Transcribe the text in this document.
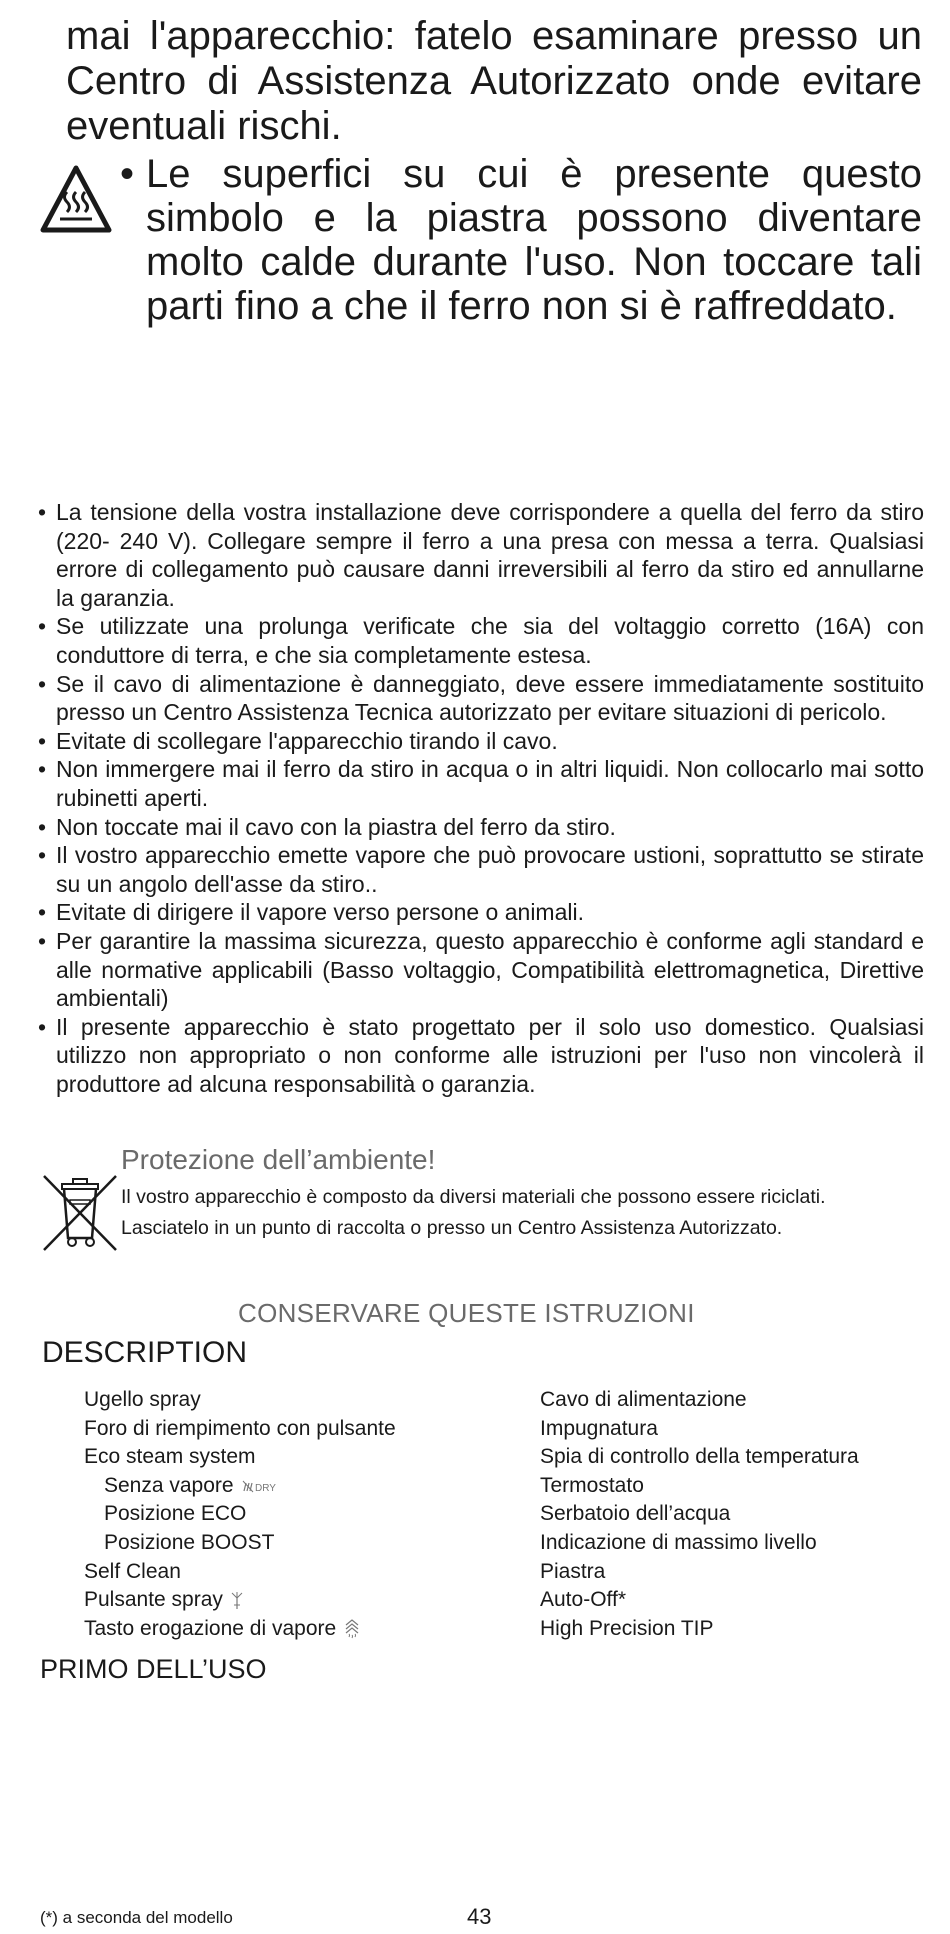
mai l'apparecchio: fatelo esaminare presso un Centro di Assistenza Autorizzato onde evitare eventuali rischi.
• Le superfici su cui è presente questo simbolo e la piastra possono diventare molto calde durante l'uso. Non toccare tali parti fino a che il ferro non si è raffreddato.
• La tensione della vostra installazione deve corrispondere a quella del ferro da stiro (220- 240 V). Collegare sempre il ferro a una presa con messa a terra. Qualsiasi errore di collegamento può causare danni irreversibili al ferro da stiro ed annullarne la garanzia.
• Se utilizzate una prolunga verificate che sia del voltaggio corretto (16A) con conduttore di terra, e che sia completamente estesa.
• Se il cavo di alimentazione è danneggiato, deve essere immediatamente sostituito presso un Centro Assistenza Tecnica autorizzato per evitare situazioni di pericolo.
• Evitate di scollegare l'apparecchio tirando il cavo.
• Non immergere mai il ferro da stiro in acqua o in altri liquidi. Non collocarlo mai sotto rubinetti aperti.
• Non toccate mai il cavo con la piastra del ferro da stiro.
• Il vostro apparecchio emette vapore che può provocare ustioni, soprattutto se stirate su un angolo dell'asse da stiro..
• Evitate di dirigere il vapore verso persone o animali.
• Per garantire la massima sicurezza, questo apparecchio è conforme agli standard e alle normative applicabili (Basso voltaggio, Compatibilità elettromagnetica, Direttive ambientali)
• Il presente apparecchio è stato progettato per il solo uso domestico. Qualsiasi utilizzo non appropriato o non conforme alle istruzioni per l'uso non vincolerà il produttore ad alcuna responsabilità o garanzia.
Protezione dell’ambiente!
Il vostro apparecchio è composto da diversi materiali che possono essere riciclati. Lasciatelo in un punto di raccolta o presso un Centro Assistenza Autorizzato.
CONSERVARE QUESTE ISTRUZIONI
DESCRIPTION
Ugello spray
Foro di riempimento con pulsante
Eco steam system
Senza vapore DRY
Posizione ECO
Posizione BOOST
Self Clean
Pulsante spray
Tasto erogazione di vapore
Cavo di alimentazione
Impugnatura
Spia di controllo della temperatura
Termostato
Serbatoio dell’acqua
Indicazione di massimo livello
Piastra
Auto-Off*
High Precision TIP
PRIMO DELL’USO
(*) a seconda del modello	43
